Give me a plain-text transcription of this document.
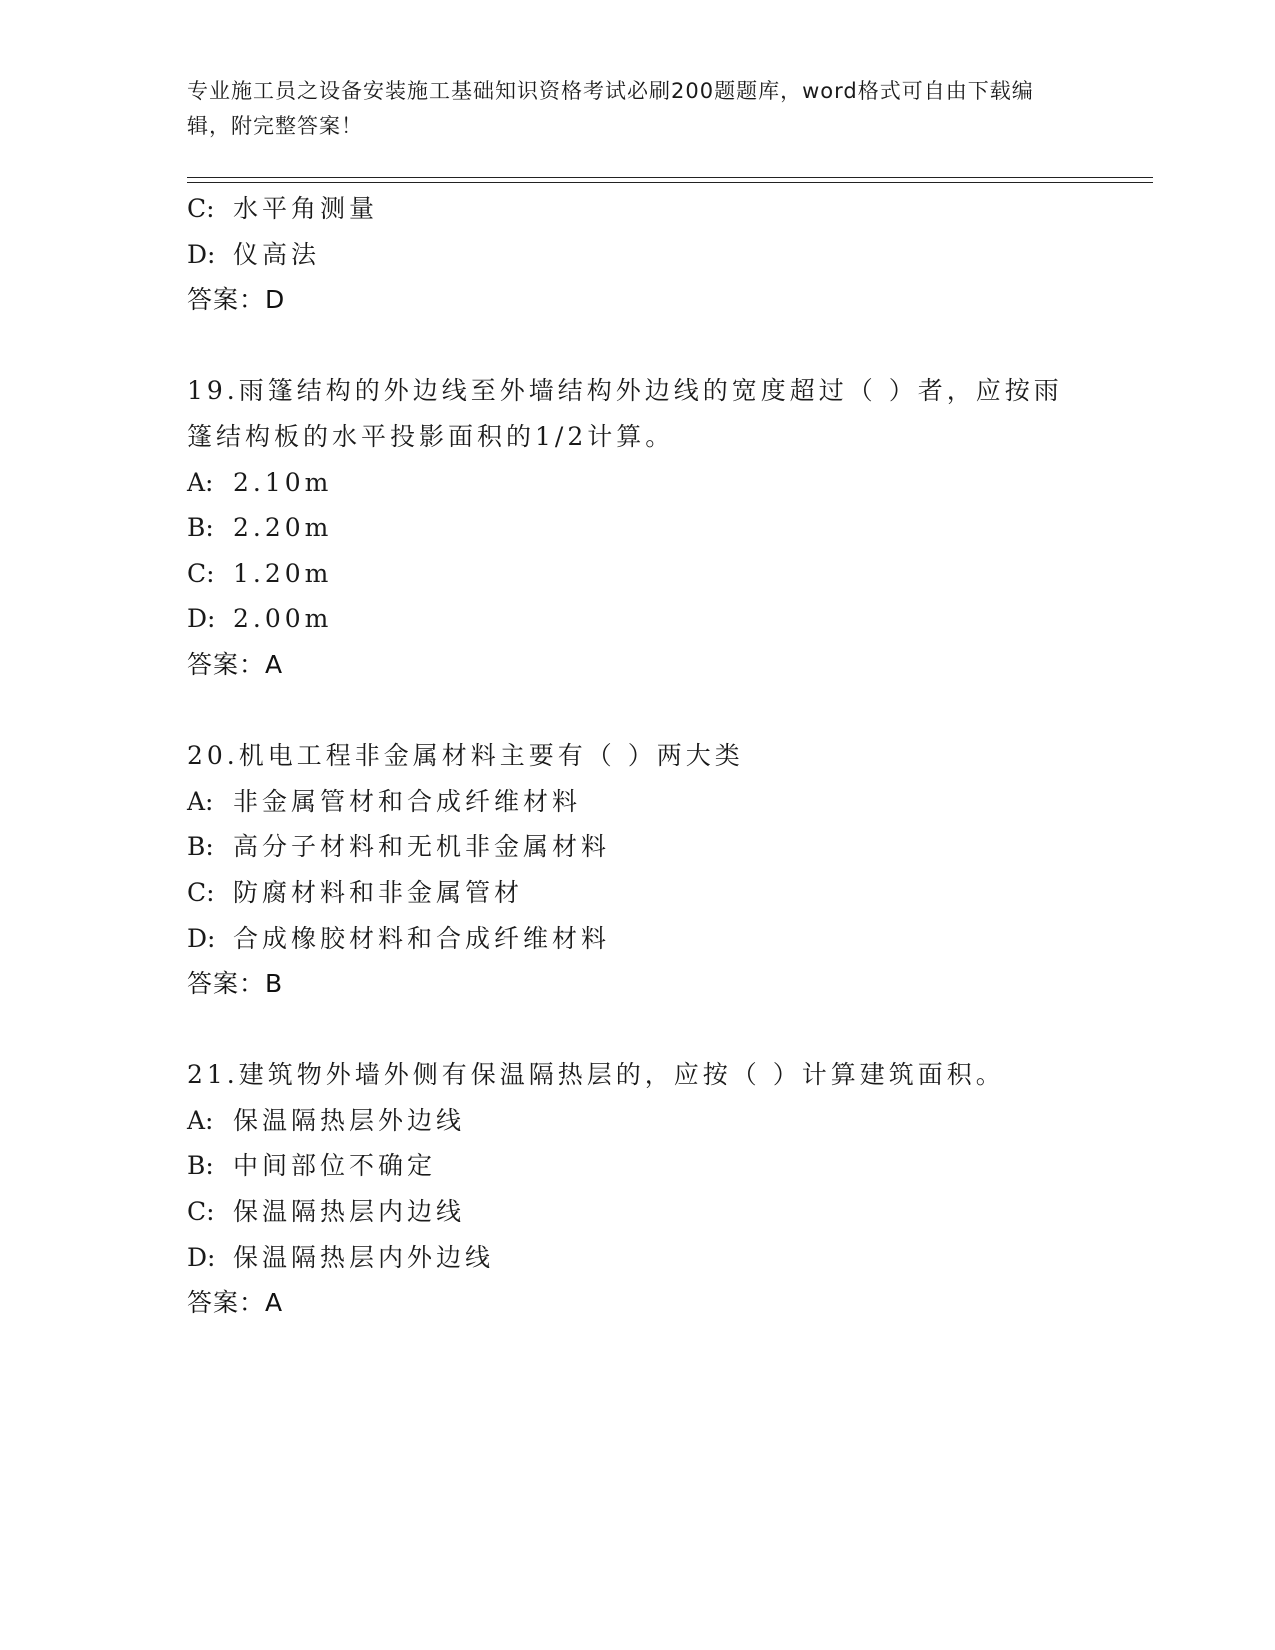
专业施工员之设备安装施工基础知识资格考试必刷200题题库，word格式可自由下载编辑，附完整答案！
C: 水平角测量
D: 仪高法
答案：D
19.雨篷结构的外边线至外墙结构外边线的宽度超过（ ）者，应按雨
篷结构板的水平投影面积的1/2计算。
A: 2.10m
B: 2.20m
C: 1.20m
D: 2.00m
答案：A
20.机电工程非金属材料主要有（ ）两大类
A: 非金属管材和合成纤维材料
B: 高分子材料和无机非金属材料
C: 防腐材料和非金属管材
D: 合成橡胶材料和合成纤维材料
答案：B
21.建筑物外墙外侧有保温隔热层的，应按（ ）计算建筑面积。
A: 保温隔热层外边线
B: 中间部位不确定
C: 保温隔热层内边线
D: 保温隔热层内外边线
答案：A
